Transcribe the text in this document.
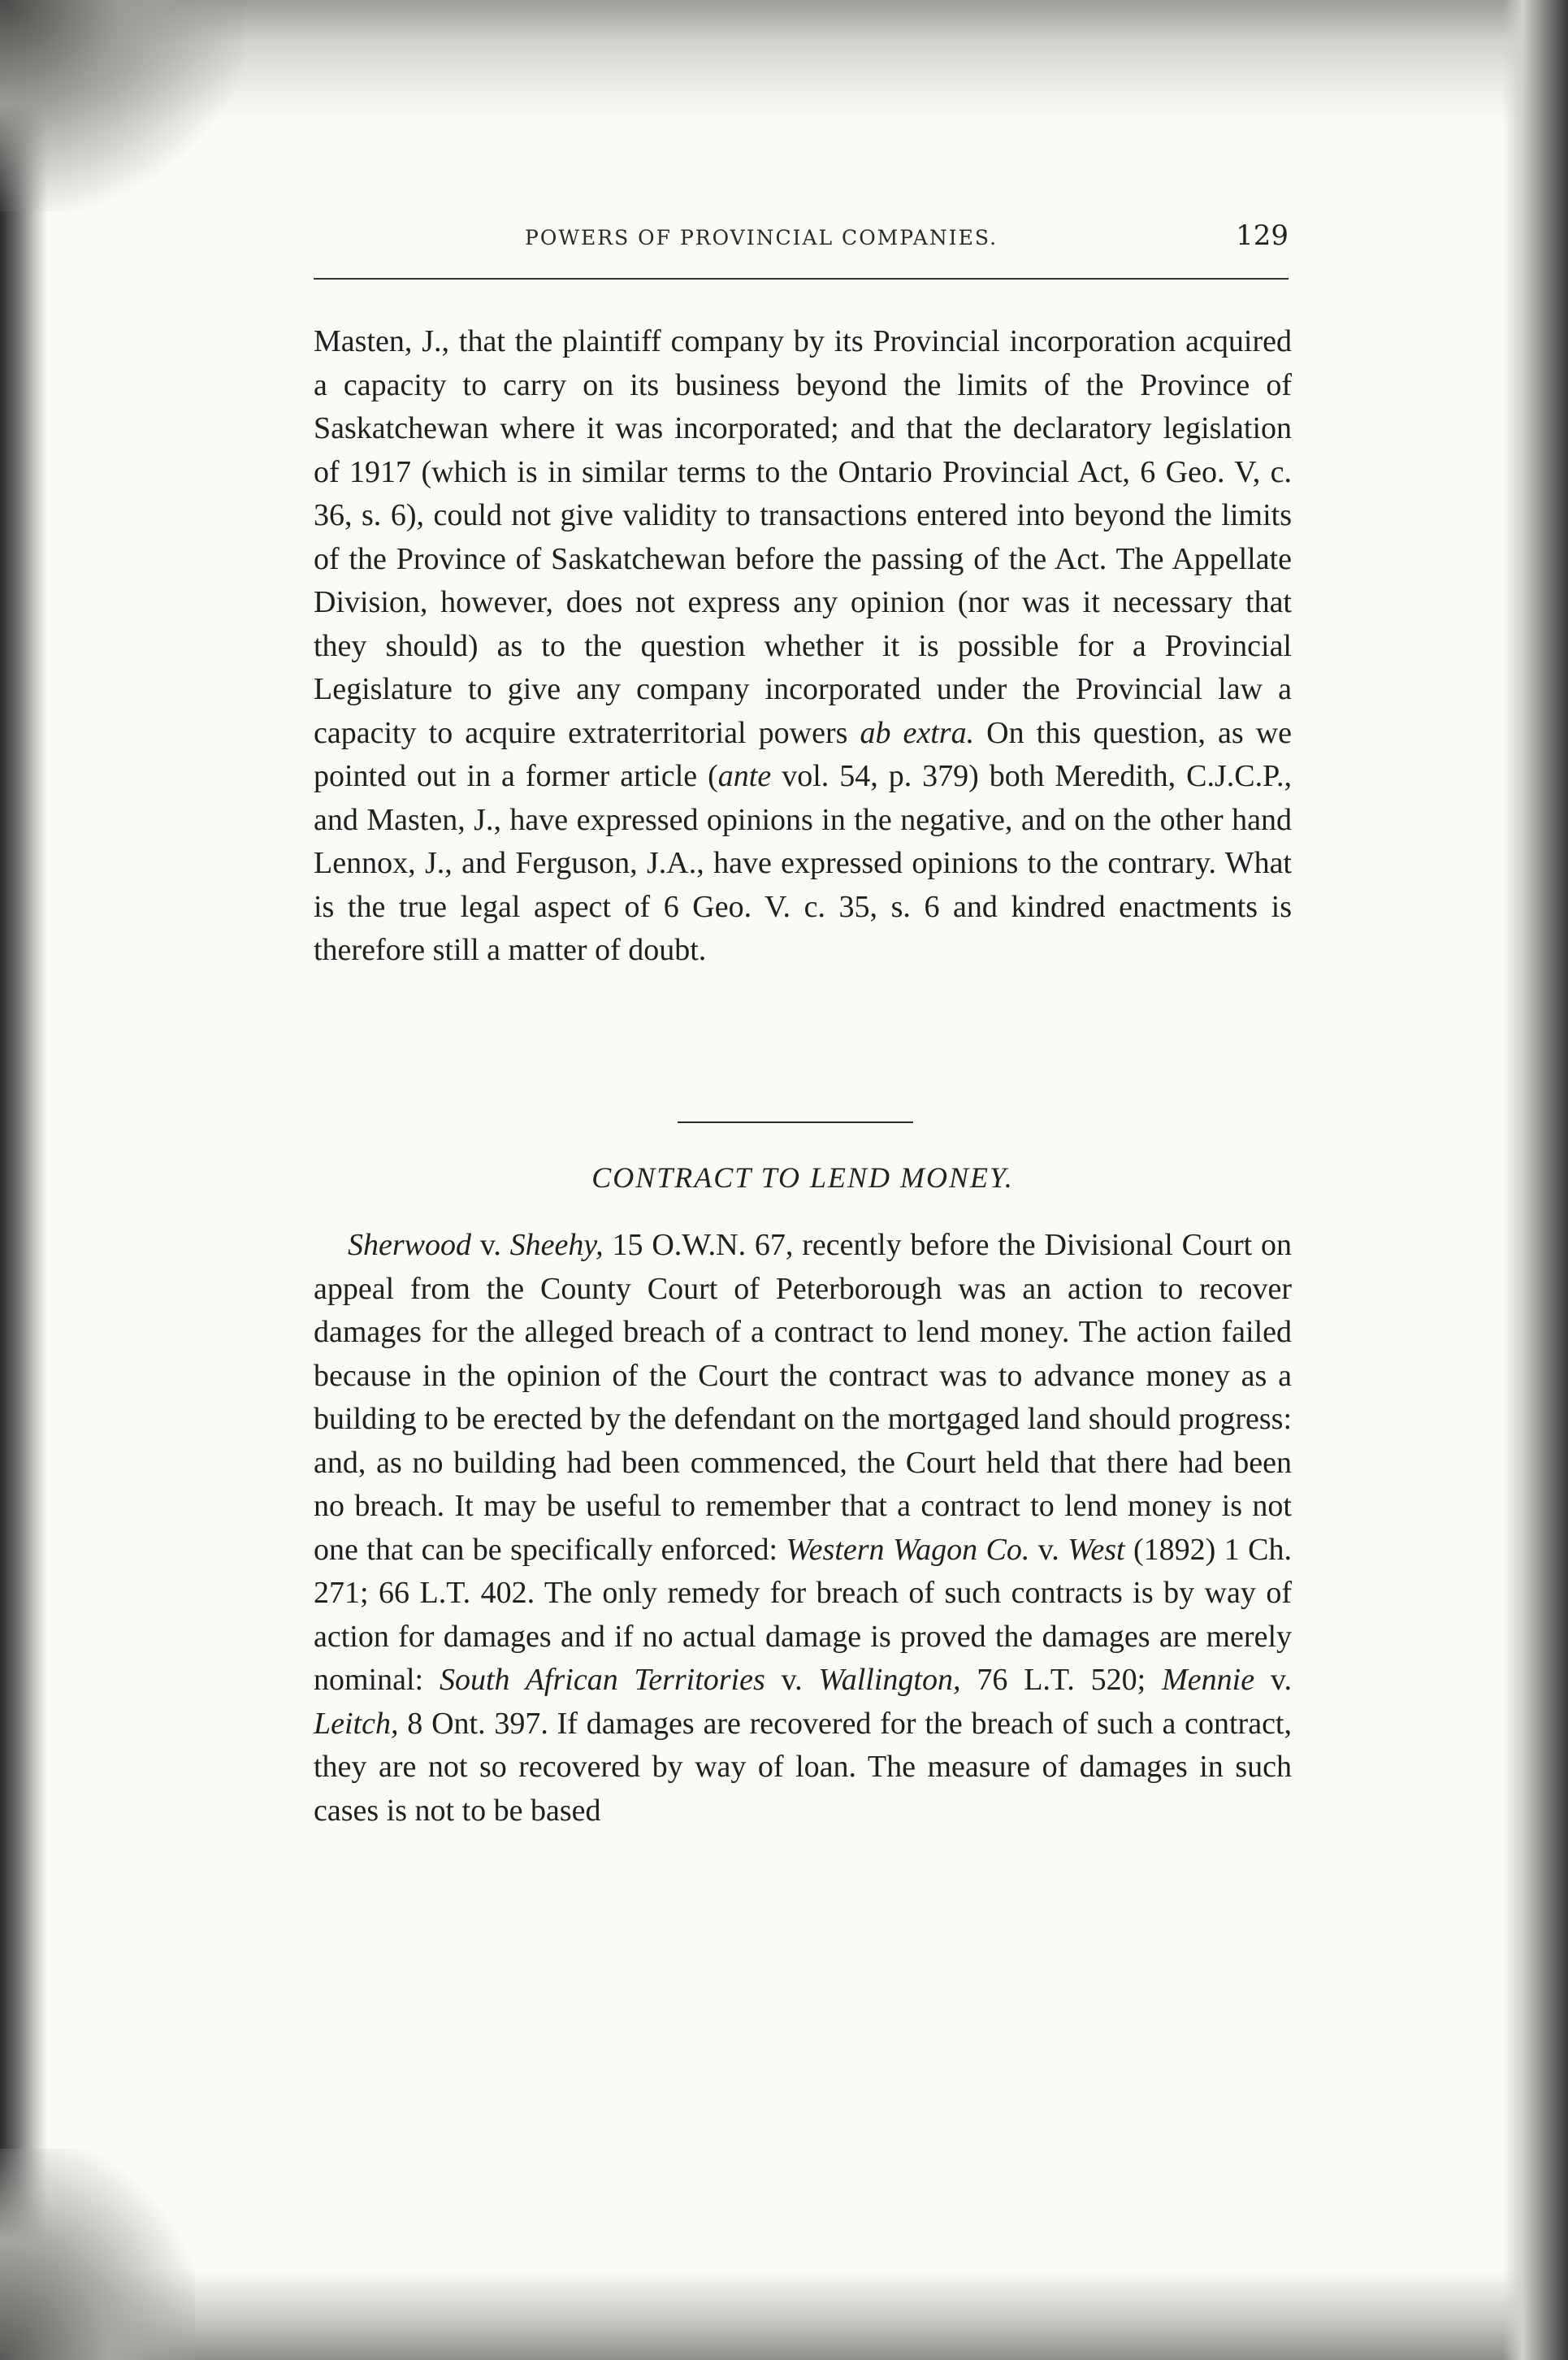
POWERS OF PROVINCIAL COMPANIES.	129

Masten, J., that the plaintiff company by its Provincial incorporation acquired a capacity to carry on its business beyond the limits of the Province of Saskatchewan where it was incorporated; and that the declaratory legislation of 1917 (which is in similar terms to the Ontario Provincial Act, 6 Geo. V, c. 36, s. 6), could not give validity to transactions entered into beyond the limits of the Province of Saskatchewan before the passing of the Act. The Appellate Division, however, does not express any opinion (nor was it necessary that they should) as to the question whether it is possible for a Provincial Legislature to give any company incorporated under the Provincial law a capacity to acquire extraterritorial powers ab extra. On this question, as we pointed out in a former article (ante vol. 54, p. 379) both Meredith, C.J.C.P., and Masten, J., have expressed opinions in the negative, and on the other hand Lennox, J., and Ferguson, J.A., have expressed opinions to the contrary. What is the true legal aspect of 6 Geo. V. c. 35, s. 6 and kindred enactments is therefore still a matter of doubt.

CONTRACT TO LEND MONEY.

Sherwood v. Sheehy, 15 O.W.N. 67, recently before the Divisional Court on appeal from the County Court of Peterborough was an action to recover damages for the alleged breach of a contract to lend money. The action failed because in the opinion of the Court the contract was to advance money as a building to be erected by the defendant on the mortgaged land should progress: and, as no building had been commenced, the Court held that there had been no breach. It may be useful to remember that a contract to lend money is not one that can be specifically enforced: Western Wagon Co. v. West (1892) 1 Ch. 271; 66 L.T. 402. The only remedy for breach of such contracts is by way of action for damages and if no actual damage is proved the damages are merely nominal: South African Territories v. Wallington, 76 L.T. 520; Mennie v. Leitch, 8 Ont. 397. If damages are recovered for the breach of such a contract, they are not so recovered by way of loan. The measure of damages in such cases is not to be based
